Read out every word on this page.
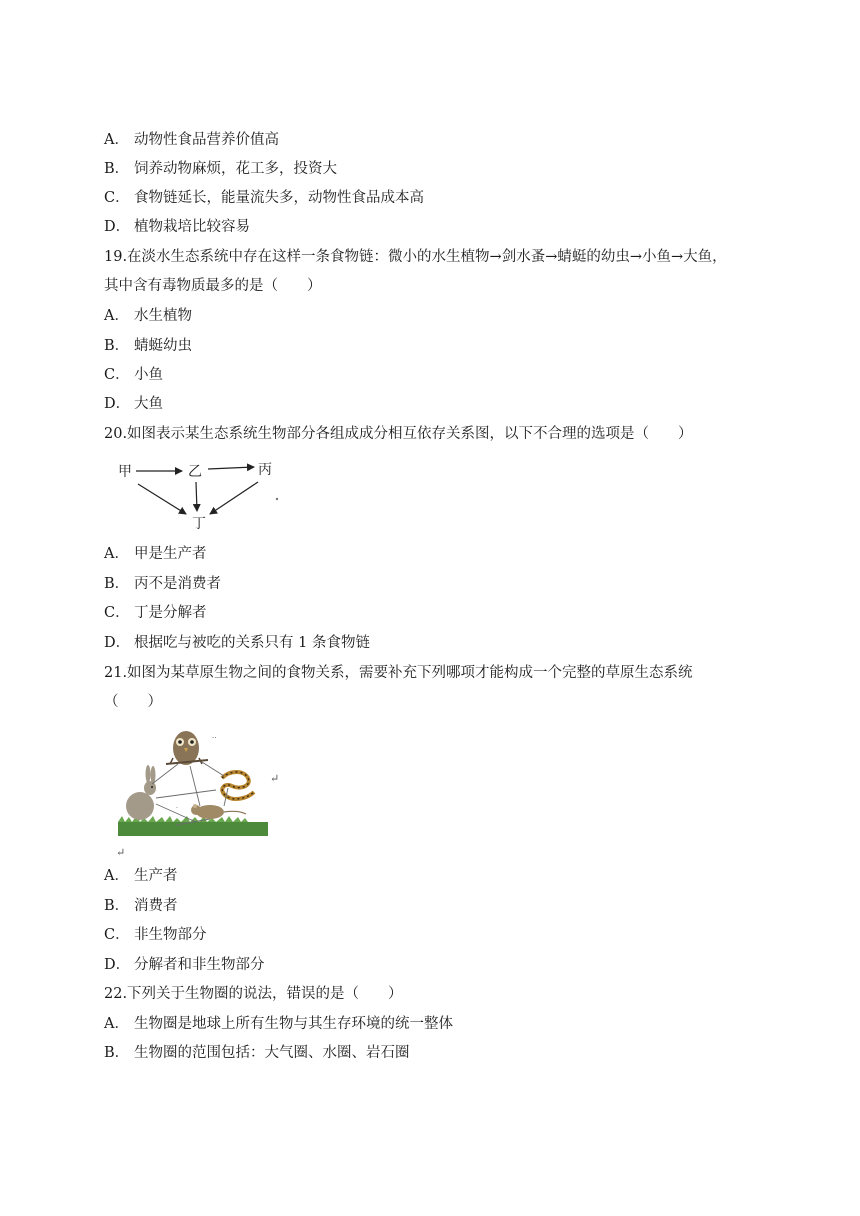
A． 动物性食品营养价值高
B． 饲养动物麻烦，花工多，投资大
C． 食物链延长，能量流失多，动物性食品成本高
D． 植物栽培比较容易
19.在淡水生态系统中存在这样一条食物链：微小的水生植物→剑水蚤→蜻蜓的幼虫→小鱼→大鱼，
其中含有毒物质最多的是（　　）
A． 水生植物
B． 蜻蜓幼虫
C． 小鱼
D． 大鱼
20.如图表示某生态系统生物部分各组成成分相互依存关系图，以下不合理的选项是（　　）
甲	乙	丙
丁
A． 甲是生产者
B． 丙不是消费者
C． 丁是分解者
D． 根据吃与被吃的关系只有 1 条食物链
21.如图为某草原生物之间的食物关系，需要补充下列哪项才能构成一个完整的草原生态系统
（　　）
··
·
↵
↵
A． 生产者
B． 消费者
C． 非生物部分
D． 分解者和非生物部分
22.下列关于生物圈的说法，错误的是（　　）
A． 生物圈是地球上所有生物与其生存环境的统一整体
B． 生物圈的范围包括：大气圈、水圈、岩石圈
